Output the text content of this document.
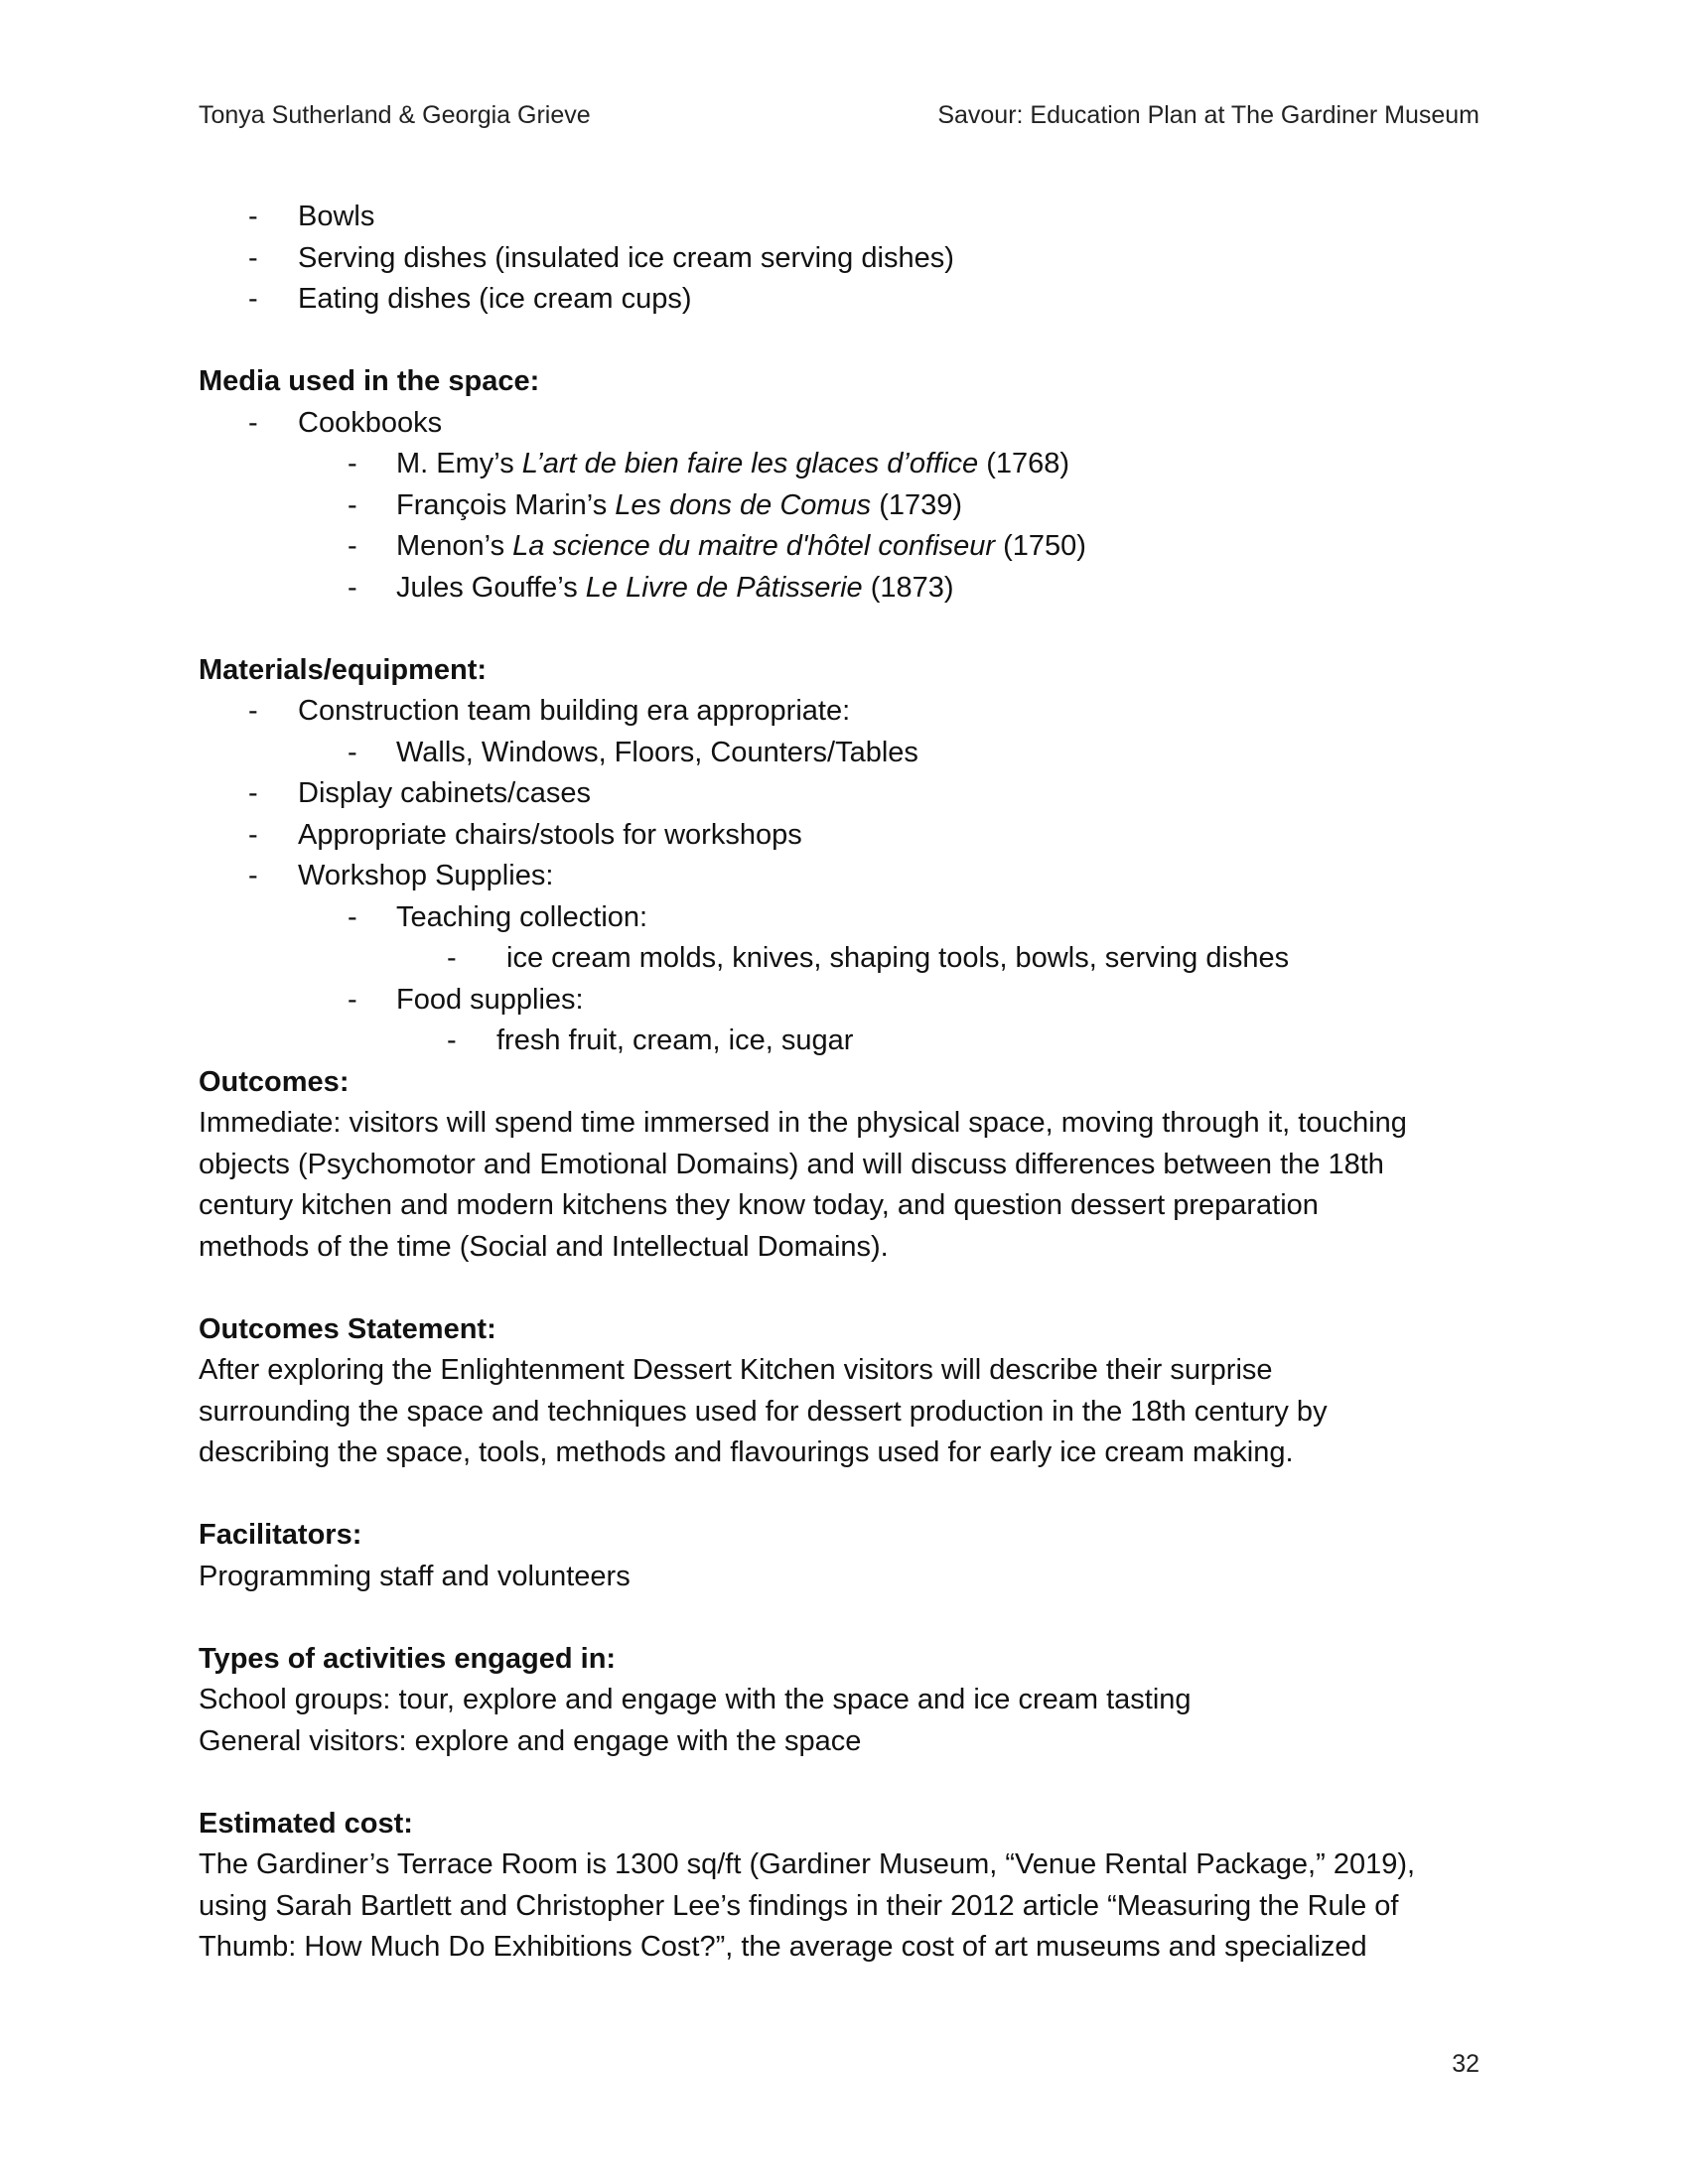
Tonya Sutherland & Georgia Grieve	Savour: Education Plan at The Gardiner Museum
- Bowls
- Serving dishes (insulated ice cream serving dishes)
- Eating dishes (ice cream cups)
Media used in the space:
- Cookbooks
- M. Emy’s L’art de bien faire les glaces d’office (1768)
- François Marin’s Les dons de Comus (1739)
- Menon’s La science du maitre d'hôtel confiseur (1750)
- Jules Gouffe’s Le Livre de Pâtisserie (1873)
Materials/equipment:
- Construction team building era appropriate:
- Walls, Windows, Floors, Counters/Tables
- Display cabinets/cases
- Appropriate chairs/stools for workshops
- Workshop Supplies:
- Teaching collection:
- ice cream molds, knives, shaping tools, bowls, serving dishes
- Food supplies:
- fresh fruit, cream, ice, sugar
Outcomes:
Immediate: visitors will spend time immersed in the physical space, moving through it, touching
objects (Psychomotor and Emotional Domains) and will discuss differences between the 18th
century kitchen and modern kitchens they know today, and question dessert preparation
methods of the time (Social and Intellectual Domains).
Outcomes Statement:
After exploring the Enlightenment Dessert Kitchen visitors will describe their surprise
surrounding the space and techniques used for dessert production in the 18th century by
describing the space, tools, methods and flavourings used for early ice cream making.
Facilitators:
Programming staff and volunteers
Types of activities engaged in:
School groups: tour, explore and engage with the space and ice cream tasting
General visitors: explore and engage with the space
Estimated cost:
The Gardiner’s Terrace Room is 1300 sq/ft (Gardiner Museum, “Venue Rental Package,” 2019),
using Sarah Bartlett and Christopher Lee’s findings in their 2012 article “Measuring the Rule of
Thumb: How Much Do Exhibitions Cost?”, the average cost of art museums and specialized
32
